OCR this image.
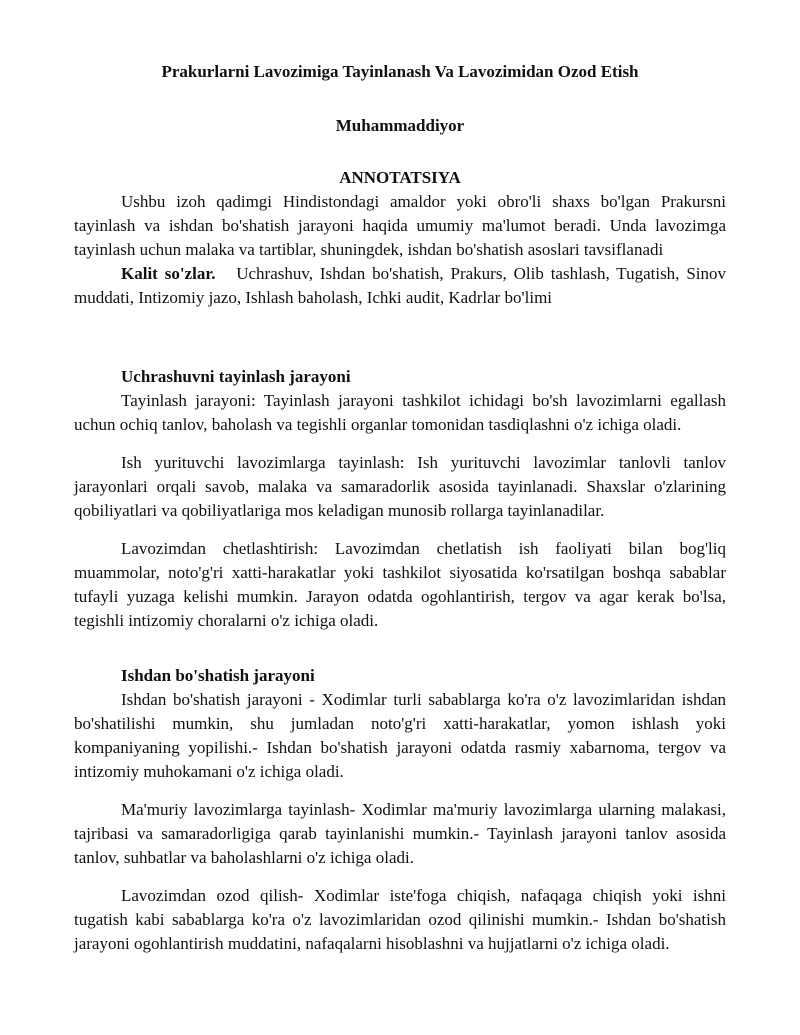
Prakurlarni Lavozimiga Tayinlanash Va Lavozimidan Ozod Etish

Muhammaddiyor

ANNOTATSIYA

Ushbu izoh qadimgi Hindistondagi amaldor yoki obro'li shaxs bo'lgan Prakursni tayinlash va ishdan bo'shatish jarayoni haqida umumiy ma'lumot beradi. Unda lavozimga tayinlash uchun malaka va tartiblar, shuningdek, ishdan bo'shatish asoslari tavsiflanadi

Kalit so'zlar. Uchrashuv, Ishdan bo'shatish, Prakurs, Olib tashlash, Tugatish, Sinov muddati, Intizomiy jazo, Ishlash baholash, Ichki audit, Kadrlar bo'limi

Uchrashuvni tayinlash jarayoni

Tayinlash jarayoni: Tayinlash jarayoni tashkilot ichidagi bo'sh lavozimlarni egallash uchun ochiq tanlov, baholash va tegishli organlar tomonidan tasdiqlashni o'z ichiga oladi.

Ish yurituvchi lavozimlarga tayinlash: Ish yurituvchi lavozimlar tanlovli tanlov jarayonlari orqali savob, malaka va samaradorlik asosida tayinlanadi. Shaxslar o'zlarining qobiliyatlari va qobiliyatlariga mos keladigan munosib rollarga tayinlanadilar.

Lavozimdan chetlashtirish: Lavozimdan chetlatish ish faoliyati bilan bog'liq muammolar, noto'g'ri xatti-harakatlar yoki tashkilot siyosatida ko'rsatilgan boshqa sabablar tufayli yuzaga kelishi mumkin. Jarayon odatda ogohlantirish, tergov va agar kerak bo'lsa, tegishli intizomiy choralarni o'z ichiga oladi.

Ishdan bo'shatish jarayoni

Ishdan bo'shatish jarayoni - Xodimlar turli sabablarga ko'ra o'z lavozimlaridan ishdan bo'shatilishi mumkin, shu jumladan noto'g'ri xatti-harakatlar, yomon ishlash yoki kompaniyaning yopilishi.- Ishdan bo'shatish jarayoni odatda rasmiy xabarnoma, tergov va intizomiy muhokamani o'z ichiga oladi.

Ma'muriy lavozimlarga tayinlash- Xodimlar ma'muriy lavozimlarga ularning malakasi, tajribasi va samaradorligiga qarab tayinlanishi mumkin.- Tayinlash jarayoni tanlov asosida tanlov, suhbatlar va baholashlarni o'z ichiga oladi.

Lavozimdan ozod qilish- Xodimlar iste'foga chiqish, nafaqaga chiqish yoki ishni tugatish kabi sabablarga ko'ra o'z lavozimlaridan ozod qilinishi mumkin.- Ishdan bo'shatish jarayoni ogohlantirish muddatini, nafaqalarni hisoblashni va hujjatlarni o'z ichiga oladi.
